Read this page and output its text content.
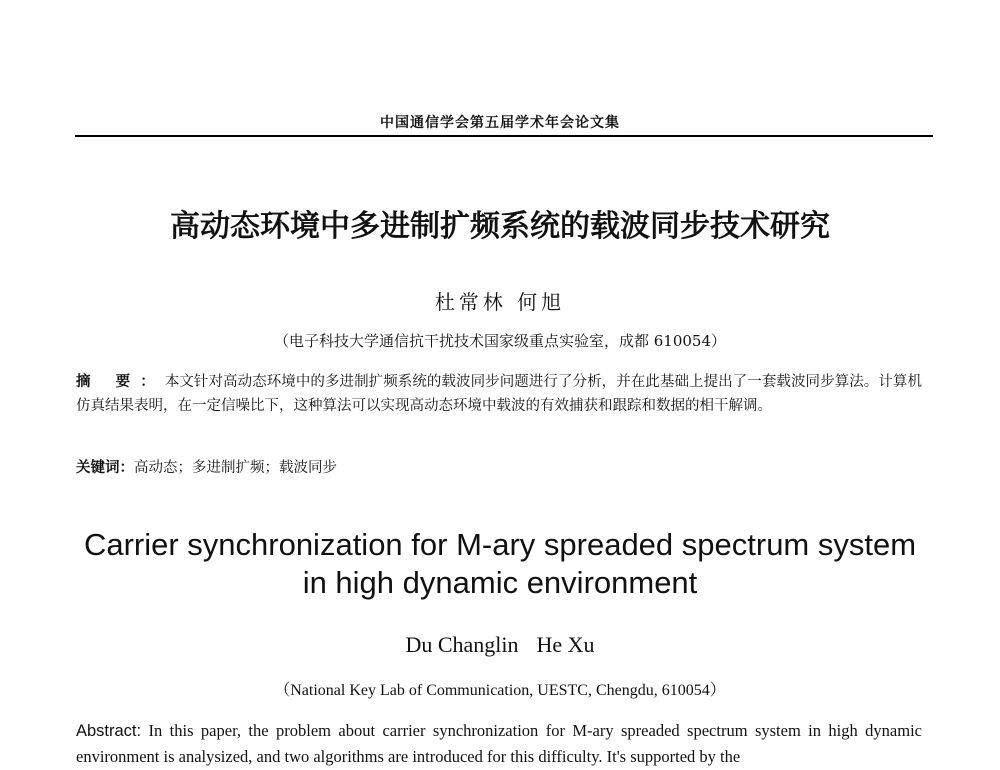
中国通信学会第五届学术年会论文集
高动态环境中多进制扩频系统的载波同步技术研究
杜常林 何旭
（电子科技大学通信抗干扰技术国家级重点实验室，成都 610054）
摘 要：本文针对高动态环境中的多进制扩频系统的载波同步问题进行了分析，并在此基础上提出了一套载波同步算法。计算机仿真结果表明，在一定信噪比下，这种算法可以实现高动态环境中载波的有效捕获和跟踪和数据的相干解调。
关键词：高动态；多进制扩频；载波同步
Carrier synchronization for M-ary spreaded spectrum system
in high dynamic environment
Du Changlin He Xu
（National Key Lab of Communication, UESTC, Chengdu, 610054）
Abstract: In this paper, the problem about carrier synchronization for M-ary spreaded spectrum system in high dynamic environment is analysized, and two algorithms are introduced for this difficulty. It's supported by the
